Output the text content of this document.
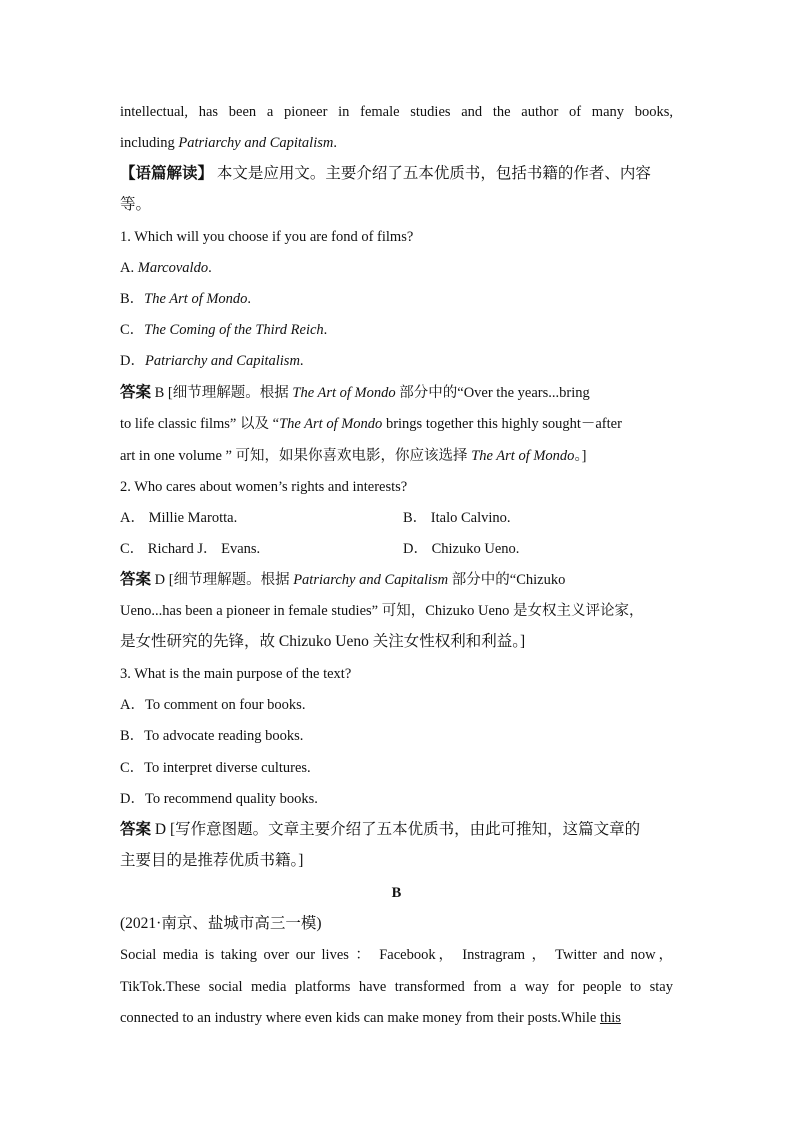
intellectual, has been a pioneer in female studies and the author of many books,
including Patriarchy and Capitalism.
【语篇解读】 本文是应用文。主要介绍了五本优质书，包括书籍的作者、内容
等。
1. Which will you choose if you are fond of films?
A. Marcovaldo.
B．The Art of Mondo.
C．The Coming of the Third Reich.
D．Patriarchy and Capitalism.
答案 B [细节理解题。根据 The Art of Mondo 部分中的“Over the years...bring
to life classic films” 以及 “The Art of Mondo brings together this highly sought－after
art in one volume ” 可知，如果你喜欢电影，你应该选择 The Art of Mondo。]
2. Who cares about women’s rights and interests?
A． Millie Marotta.	B． Italo Calvino.
C． Richard J． Evans.	D． Chizuko Ueno.
答案 D [细节理解题。根据 Patriarchy and Capitalism 部分中的“Chizuko
Ueno...has been a pioneer in female studies” 可知，Chizuko Ueno 是女权主义评论家，
是女性研究的先锋，故 Chizuko Ueno 关注女性权利和利益。]
3. What is the main purpose of the text?
A．To comment on four books.
B．To advocate reading books.
C．To interpret diverse cultures.
D．To recommend quality books.
答案 D [写作意图题。文章主要介绍了五本优质书，由此可推知，这篇文章的
主要目的是推荐优质书籍。]
B
(2021·南京、盐城市高三一模)
Social media is taking over our lives ： Facebook， Instragram ， Twitter and now，
TikTok.These social media platforms have transformed from a way for people to stay
connected to an industry where even kids can make money from their posts.While this
